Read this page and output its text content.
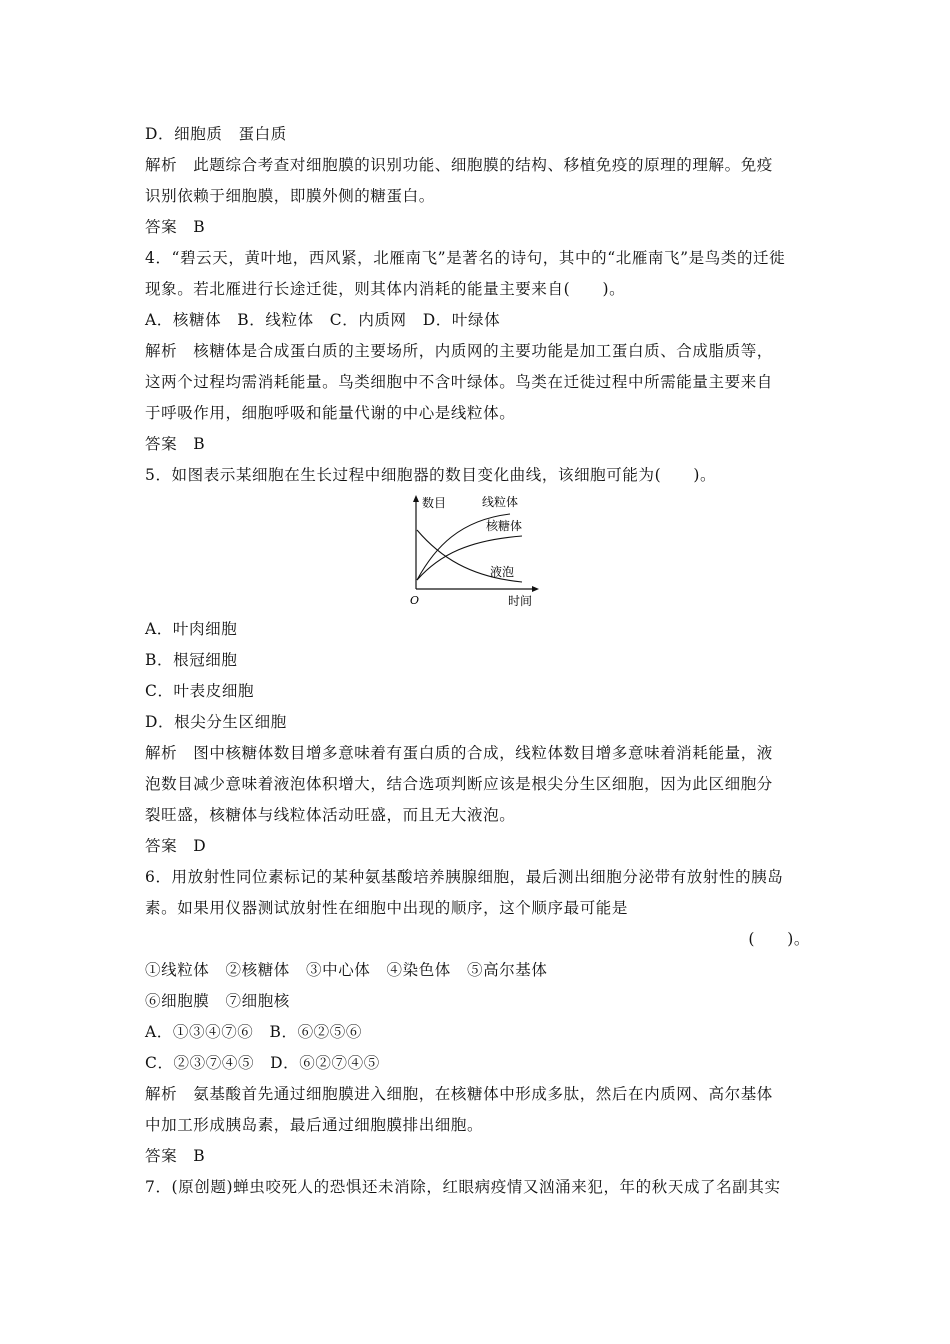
D．细胞质　蛋白质
解析　此题综合考查对细胞膜的识别功能、细胞膜的结构、移植免疫的原理的理解。免疫
识别依赖于细胞膜，即膜外侧的糖蛋白。
答案　B
4．“碧云天，黄叶地，西风紧，北雁南飞”是著名的诗句，其中的“北雁南飞”是鸟类的迁徙
现象。若北雁进行长途迁徙，则其体内消耗的能量主要来自(　　)。
A．核糖体　B．线粒体　C．内质网　D．叶绿体
解析　核糖体是合成蛋白质的主要场所，内质网的主要功能是加工蛋白质、合成脂质等，
这两个过程均需消耗能量。鸟类细胞中不含叶绿体。鸟类在迁徙过程中所需能量主要来自
于呼吸作用，细胞呼吸和能量代谢的中心是线粒体。
答案　B
5．如图表示某细胞在生长过程中细胞器的数目变化曲线，该细胞可能为(　　)。
数目
O	时间
线粒体
核糖体
液泡
A．叶肉细胞
B．根冠细胞
C．叶表皮细胞
D．根尖分生区细胞
解析　图中核糖体数目增多意味着有蛋白质的合成，线粒体数目增多意味着消耗能量，液
泡数目减少意味着液泡体积增大，结合选项判断应该是根尖分生区细胞，因为此区细胞分
裂旺盛，核糖体与线粒体活动旺盛，而且无大液泡。
答案　D
6．用放射性同位素标记的某种氨基酸培养胰腺细胞，最后测出细胞分泌带有放射性的胰岛
素。如果用仪器测试放射性在细胞中出现的顺序，这个顺序最可能是
(　　)。
①线粒体　②核糖体　③中心体　④染色体　⑤高尔基体
⑥细胞膜　⑦细胞核
A．①③④⑦⑥　B．⑥②⑤⑥
C．②③⑦④⑤　D．⑥②⑦④⑤
解析　氨基酸首先通过细胞膜进入细胞，在核糖体中形成多肽，然后在内质网、高尔基体
中加工形成胰岛素，最后通过细胞膜排出细胞。
答案　B
7．(原创题)蝉虫咬死人的恐惧还未消除，红眼病疫情又汹涌来犯，年的秋天成了名副其实
